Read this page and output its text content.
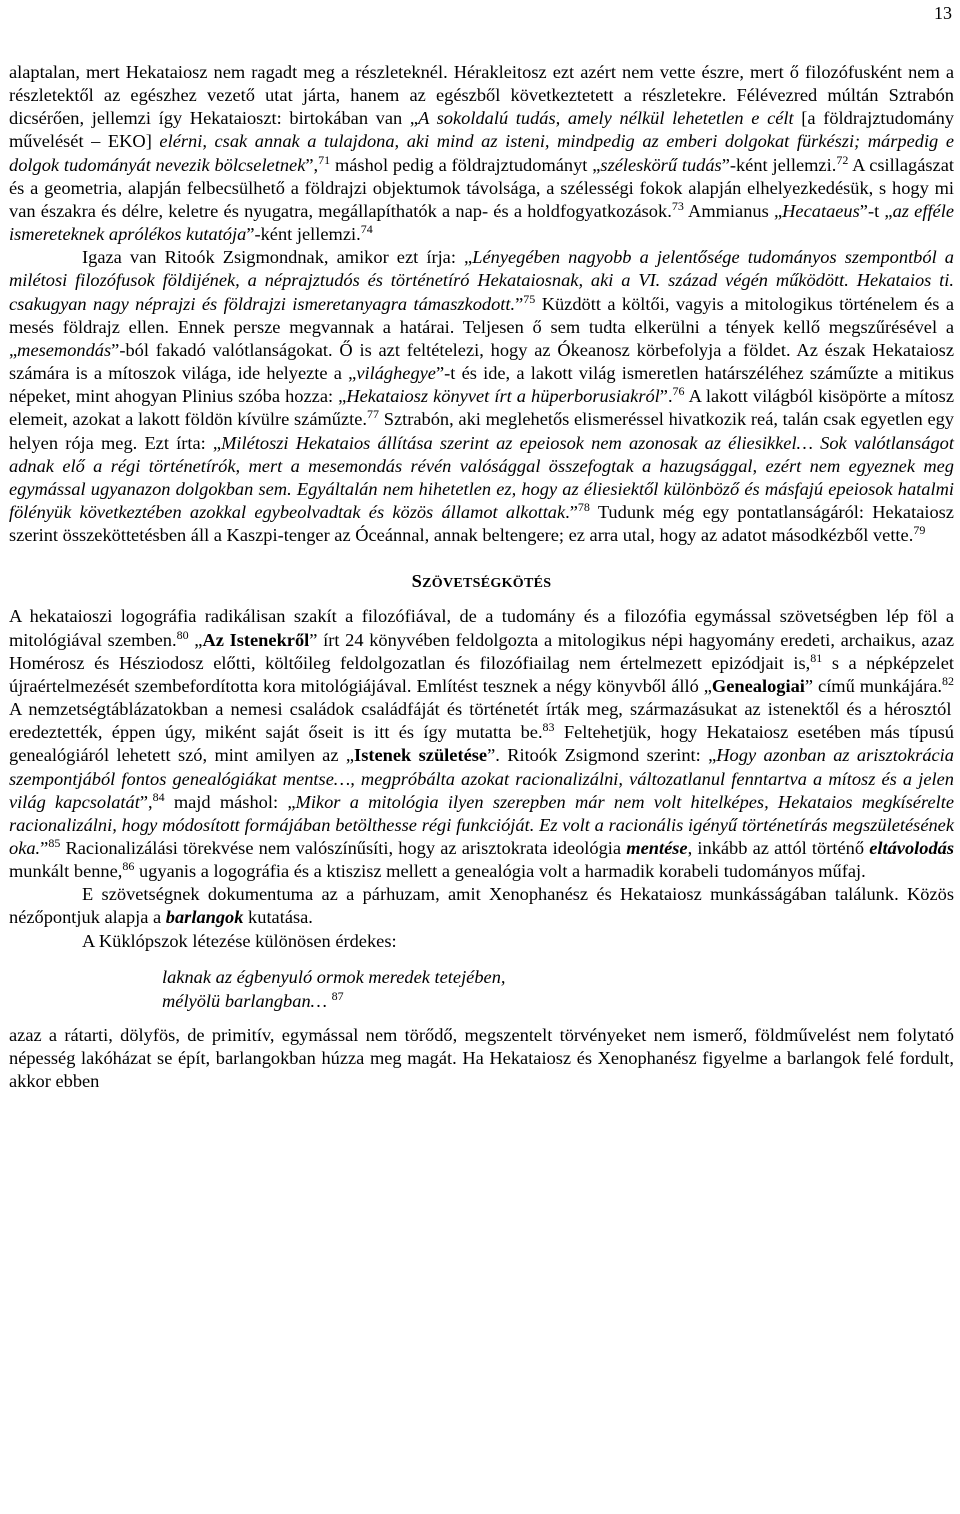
13

alaptalan, mert Hekataiosz nem ragadt meg a részleteknél. Hérakleitosz ezt azért nem vette észre, mert ő filozófusként nem a részletektől az egészhez vezető utat járta, hanem az egészből következtetett a részletekre. Félévezred múltán Sztrabón dicsérően, jellemzi így Hekataioszt: birtokában van „A sokoldalú tudás, amely nélkül lehetetlen e célt [a földrajztudomány művelését – EKO] elérni, csak annak a tulajdona, aki mind az isteni, mindpedig az emberi dolgokat fürkészi; márpedig e dolgok tudományát nevezik bölcseletnek”,$^{71}$ máshol pedig a földrajztudományt „széleskörű tudás”-ként jellemzi.$^{72}$ A csillagászat és a geometria, alapján felbecsülhető a földrajzi objektumok távolsága, a szélességi fokok alapján elhelyezkedésük, s hogy mi van északra és délre, keletre és nyugatra, megállapíthatók a nap- és a holdfogyatkozások.$^{73}$ Ammianus „Hecataeus”-t „az efféle ismereteknek aprólékos kutatója”-ként jellemzi.$^{74}$

Igaza van Ritoók Zsigmondnak, amikor ezt írja: „Lényegében nagyobb a jelentősége tudományos szempontból a milétosi filozófusok földijének, a néprajztudós és történetíró Hekataiosnak, aki a VI. század végén működött. Hekataios ti. csakugyan nagy néprajzi és földrajzi ismeretanyagra támaszkodott.”$^{75}$ Küzdött a költői, vagyis a mitologikus történelem és a mesés földrajz ellen. Ennek persze megvannak a határai. Teljesen ő sem tudta elkerülni a tények kellő megszűrésével a „mesemondás”-ból fakadó valótlanságokat. Ő is azt feltételezi, hogy az Ókeanosz körbefolyja a földet. Az észak Hekataiosz számára is a mítoszok világa, ide helyezte a „világhegye”-t és ide, a lakott világ ismeretlen határszéléhez száműzte a mitikus népeket, mint ahogyan Plinius szóba hozza: „Hekataiosz könyvet írt a hüperborusiakról”.$^{76}$ A lakott világból kisöpörte a mítosz elemeit, azokat a lakott földön kívülre száműzte.$^{77}$ Sztrabón, aki meglehetős elismeréssel hivatkozik reá, talán csak egyetlen egy helyen rója meg. Ezt írta: „Milétoszi Hekataios állítása szerint az epeiosok nem azonosak az éliesikkel… Sok valótlanságot adnak elő a régi történetírók, mert a mesemondás révén valósággal összefogtak a hazugsággal, ezért nem egyeznek meg egymással ugyanazon dolgokban sem. Egyáltalán nem hihetetlen ez, hogy az éliesiektől különböző és másfajú epeiosok hatalmi fölényük következtében azokkal egybeolvadtak és közös államot alkottak.”$^{78}$ Tudunk még egy pontatlanságáról: Hekataiosz szerint összeköttetésben áll a Kaszpi-tenger az Óceánnal, annak beltengere; ez arra utal, hogy az adatot másodkézből vette.$^{79}$

SZÖVETSÉGKÖTÉS

A hekataioszi logográfia radikálisan szakít a filozófiával, de a tudomány és a filozófia egymással szövetségben lép föl a mitológiával szemben.$^{80}$ „Az Istenekről” írt 24 könyvében feldolgozta a mitologikus népi hagyomány eredeti, archaikus, azaz Homérosz és Hésziodosz előtti, költőileg feldolgozatlan és filozófiailag nem értelmezett epizódjait is,$^{81}$ s a népképzelet újraértelmezését szembefordította kora mitológiájával. Említést tesznek a négy könyvből álló „Genealogiai” című munkájára.$^{82}$ A nemzetségtáblázatokban a nemesi családok családfáját és történetét írták meg, származásukat az istenektől és a hérosztól eredeztették, éppen úgy, miként saját őseit is itt és így mutatta be.$^{83}$ Feltehetjük, hogy Hekataiosz esetében más típusú genealógiáról lehetett szó, mint amilyen az „Istenek születése”. Ritoók Zsigmond szerint: „Hogy azonban az arisztokrácia szempontjából fontos genealógiákat mentse…, megpróbálta azokat racionalizálni, változatlanul fenntartva a mítosz és a jelen világ kapcsolatát”,$^{84}$ majd máshol: „Mikor a mitológia ilyen szerepben már nem volt hitelképes, Hekataios megkísérelte racionalizálni, hogy módosított formájában betölthesse régi funkcióját. Ez volt a racionális igényű történetírás megszületésének oka.”$^{85}$ Racionalizálási törekvése nem valószínűsíti, hogy az arisztokrata ideológia mentése, inkább az attól történő eltávolodás munkált benne,$^{86}$ ugyanis a logográfia és a ktiszisz mellett a genealógia volt a harmadik korabeli tudományos műfaj.

E szövetségnek dokumentuma az a párhuzam, amit Xenophanész és Hekataiosz munkásságában találunk. Közös nézőpontjuk alapja a barlangok kutatása.

A Küklópszok létezése különösen érdekes:

laknak az égbenyuló ormok meredek tetejében,
mélyölü barlangban… $^{87}$

azaz a rátarti, dölyfös, de primitív, egymással nem törődő, megszentelt törvényeket nem ismerő, földművelést nem folytató népesség lakóházat se épít, barlangokban húzza meg magát. Ha Hekataiosz és Xenophanész figyelme a barlangok felé fordult, akkor ebben
